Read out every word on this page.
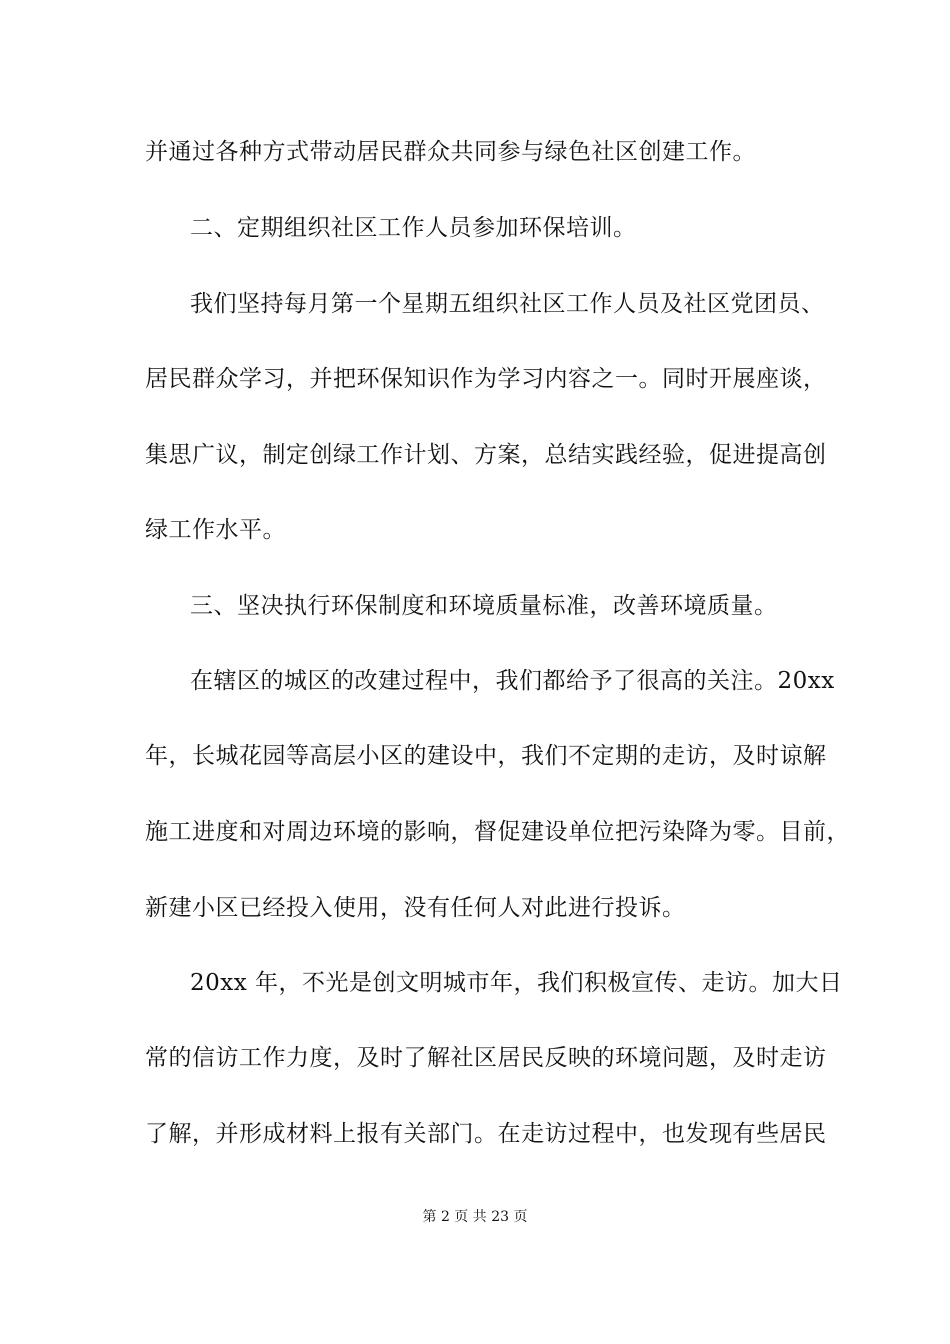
并通过各种方式带动居民群众共同参与绿色社区创建工作。
二、定期组织社区工作人员参加环保培训。
我们坚持每月第一个星期五组织社区工作人员及社区党团员、
居民群众学习，并把环保知识作为学习内容之一。同时开展座谈，
集思广议，制定创绿工作计划、方案，总结实践经验，促进提高创
绿工作水平。
三、坚决执行环保制度和环境质量标准，改善环境质量。
在辖区的城区的改建过程中，我们都给予了很高的关注。20xx
年，长城花园等高层小区的建设中，我们不定期的走访，及时谅解
施工进度和对周边环境的影响，督促建设单位把污染降为零。目前，
新建小区已经投入使用，没有任何人对此进行投诉。
20xx 年，不光是创文明城市年，我们积极宣传、走访。加大日
常的信访工作力度，及时了解社区居民反映的环境问题，及时走访
了解，并形成材料上报有关部门。在走访过程中，也发现有些居民
第 2 页 共 23 页
